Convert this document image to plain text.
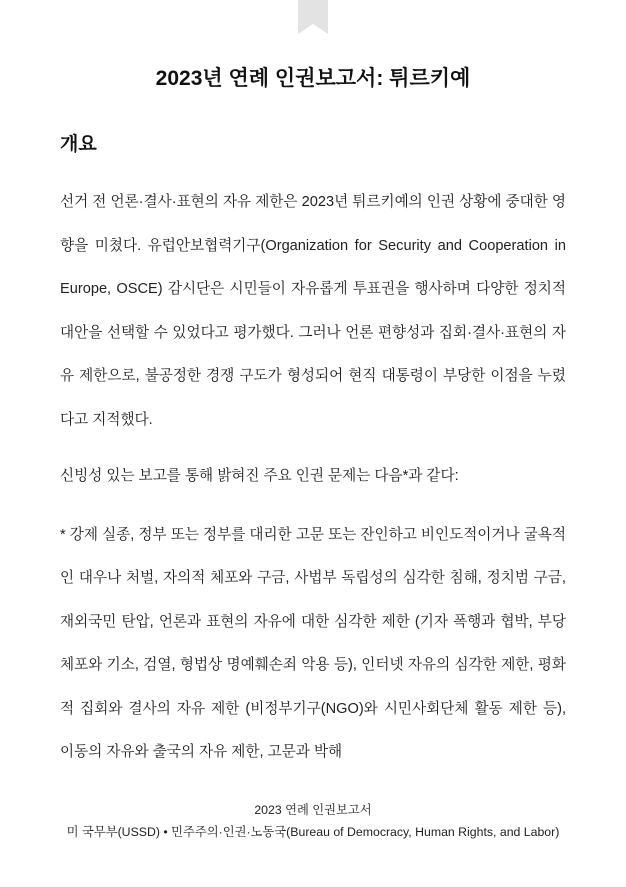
2023년 연례 인권보고서: 튀르키예
개요

선거 전 언론·결사·표현의 자유 제한은 2023년 튀르키예의 인권 상황에 중대한 영향을 미쳤다. 유럽안보협력기구(Organization for Security and Cooperation in Europe, OSCE) 감시단은 시민들이 자유롭게 투표권을 행사하며 다양한 정치적 대안을 선택할 수 있었다고 평가했다. 그러나 언론 편향성과 집회·결사·표현의 자유 제한으로, 불공정한 경쟁 구도가 형성되어 현직 대통령이 부당한 이점을 누렸다고 지적했다.

신빙성 있는 보고를 통해 밝혀진 주요 인권 문제는 다음*과 같다:

* 강제 실종, 정부 또는 정부를 대리한 고문 또는 잔인하고 비인도적이거나 굴욕적인 대우나 처벌, 자의적 체포와 구금, 사법부 독립성의 심각한 침해, 정치범 구금, 재외국민 탄압, 언론과 표현의 자유에 대한 심각한 제한 (기자 폭행과 협박, 부당 체포와 기소, 검열, 형법상 명예훼손죄 악용 등), 인터넷 자유의 심각한 제한, 평화적 집회와 결사의 자유 제한 (비정부기구(NGO)와 시민사회단체 활동 제한 등), 이동의 자유와 출국의 자유 제한, 고문과 박해

2023 연례 인권보고서
미 국무부(USSD) • 민주주의·인권·노동국(Bureau of Democracy, Human Rights, and Labor)
